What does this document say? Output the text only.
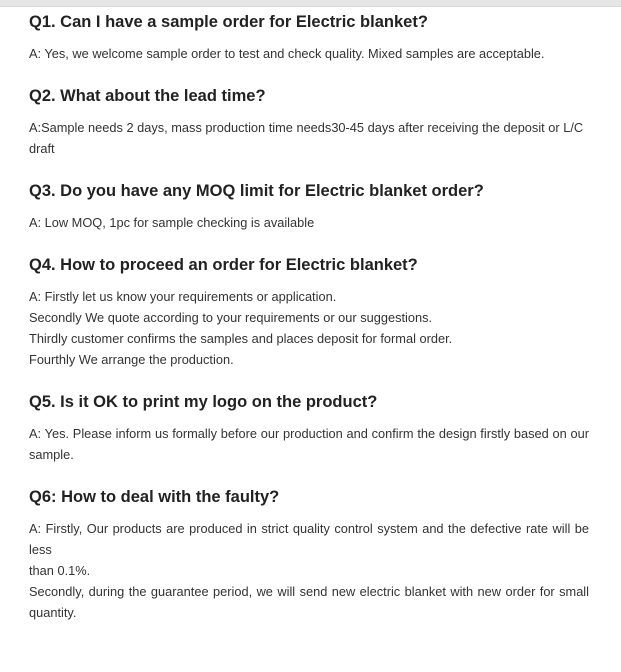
Q1. Can I have a sample order for Electric blanket?
A: Yes, we welcome sample order to test and check quality. Mixed samples are acceptable.
Q2. What about the lead time?
A:Sample needs 2 days, mass production time needs30-45 days after receiving the deposit or L/C draft
Q3. Do you have any MOQ limit for Electric blanket order?
A: Low MOQ, 1pc for sample checking is available
Q4. How to proceed an order for Electric blanket?
A: Firstly let us know your requirements or application.
Secondly We quote according to your requirements or our suggestions.
Thirdly customer confirms the samples and places deposit for formal order.
Fourthly We arrange the production.
Q5. Is it OK to print my logo on the product?
A: Yes. Please inform us formally before our production and confirm the design firstly based on our sample.
Q6: How to deal with the faulty?
A: Firstly, Our products are produced in strict quality control system and the defective rate will be less
than 0.1%.
Secondly, during the guarantee period, we will send new electric blanket with new order for small quantity.
